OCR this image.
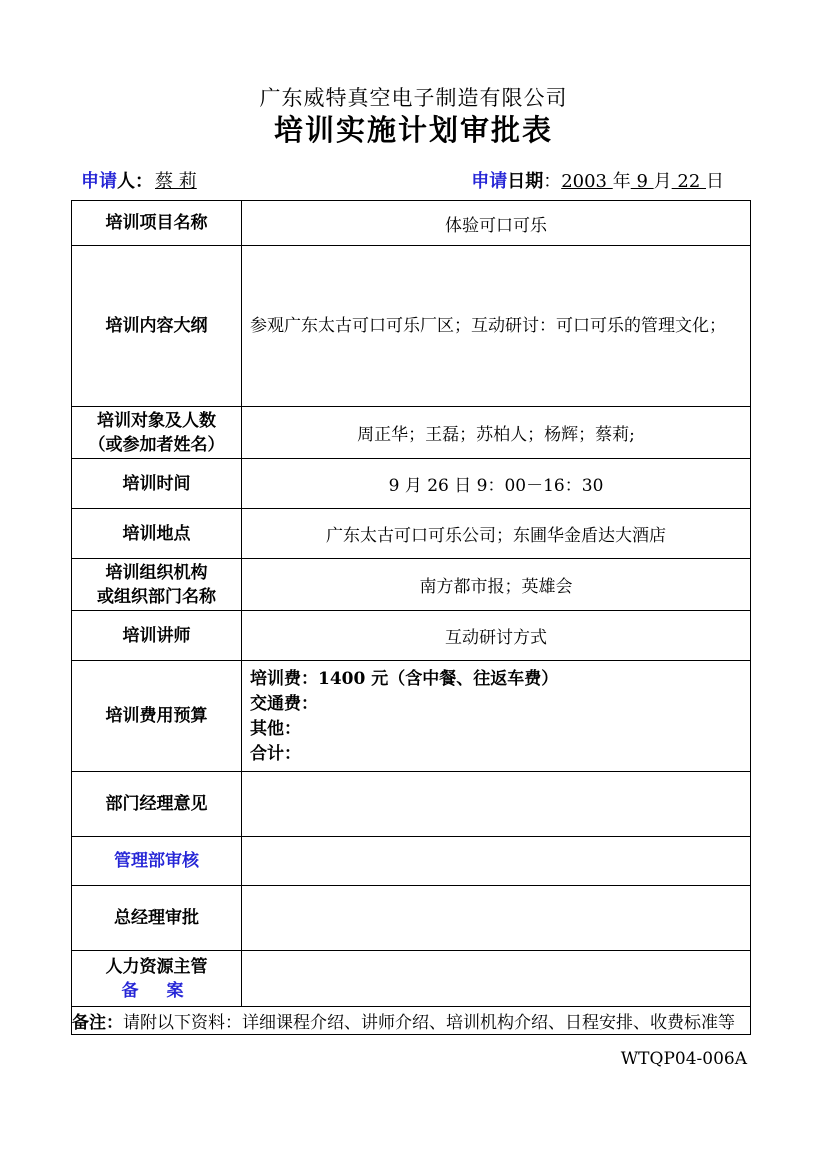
广东威特真空电子制造有限公司
培训实施计划审批表
申请人： 蔡 莉	申请日期：2003 年 9 月 22 日
培训项目名称	体验可口可乐
培训内容大纲	参观广东太古可口可乐厂区；互动研讨：可口可乐的管理文化；

培训对象及人数
（或参加者姓名）	周正华；王磊；苏柏人；杨辉；蔡莉;
培训时间	9 月 26 日 9：00－16：30
培训地点	广东太古可口可乐公司；东圃华金盾达大酒店

培训组织机构
或组织部门名称	南方都市报；英雄会
培训讲师	互动研讨方式
培训费用预算	培训费：1400 元（含中餐、往返车费）
交通费：
其他：
合计：

部门经理意见	
管理部审核	
总经理审批	

人力资源主管
备案	

备注：请附以下资料：详细课程介绍、讲师介绍、培训机构介绍、日程安排、收费标准等	
WTQP04-006A
